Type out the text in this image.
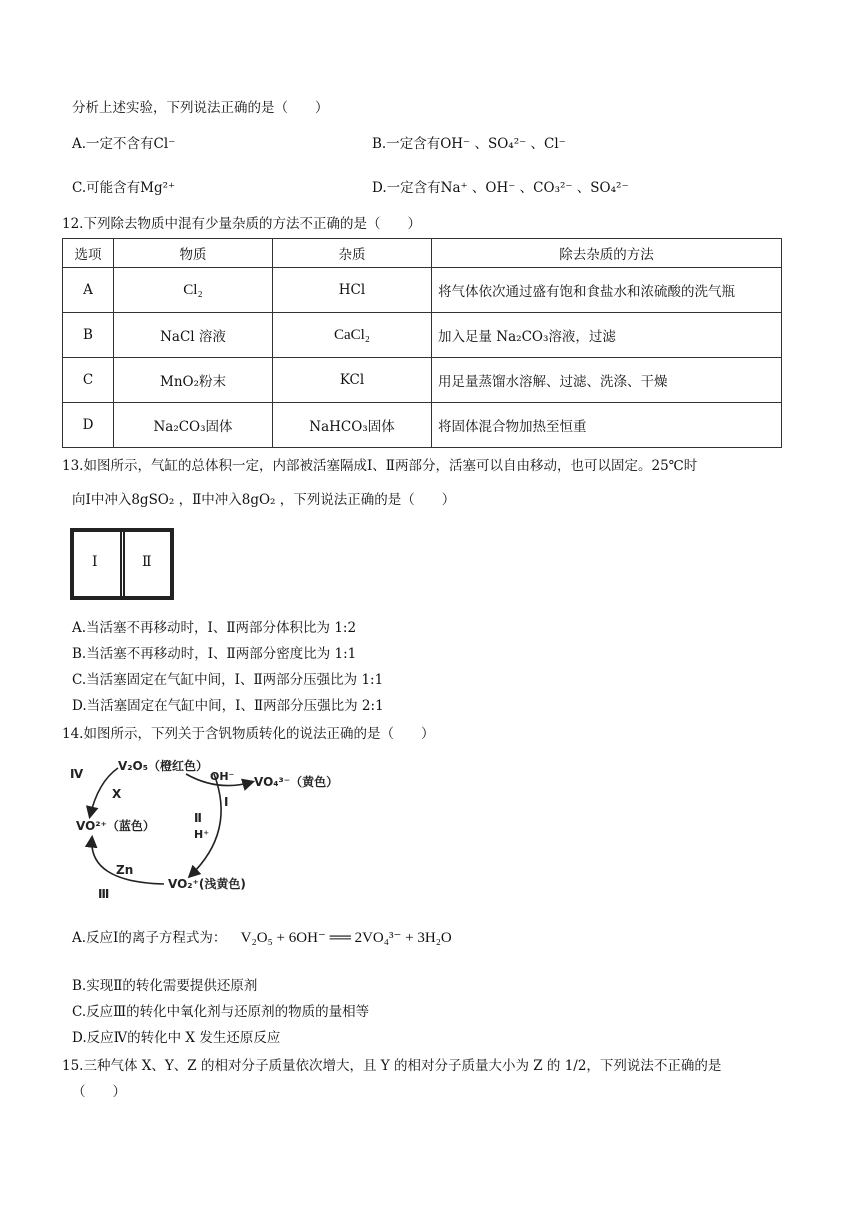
分析上述实验，下列说法正确的是（　　）
A.一定不含有Cl⁻	B.一定含有OH⁻ 、SO₄²⁻ 、Cl⁻
C.可能含有Mg²⁺	D.一定含有Na⁺ 、OH⁻ 、CO₃²⁻ 、SO₄²⁻
12.下列除去物质中混有少量杂质的方法不正确的是（　　）
选项	物质	杂质	除去杂质的方法
A	Cl₂	HCl	将气体依次通过盛有饱和食盐水和浓硫酸的洗气瓶
B	NaCl 溶液	CaCl₂	加入足量 Na₂CO₃溶液，过滤
C	MnO₂粉末	KCl	用足量蒸馏水溶解、过滤、洗涤、干燥
D	Na₂CO₃固体	NaHCO₃固体	将固体混合物加热至恒重
13.如图所示，气缸的总体积一定，内部被活塞隔成Ⅰ、Ⅱ两部分，活塞可以自由移动，也可以固定。25℃时
向Ⅰ中冲入8gSO₂ ，Ⅱ中冲入8gO₂ ，下列说法正确的是（　　）
Ⅰ	Ⅱ
A.当活塞不再移动时，Ⅰ、Ⅱ两部分体积比为 1:2
B.当活塞不再移动时，Ⅰ、Ⅱ两部分密度比为 1:1
C.当活塞固定在气缸中间，Ⅰ、Ⅱ两部分压强比为 1:1
D.当活塞固定在气缸中间，Ⅰ、Ⅱ两部分压强比为 2:1
14.如图所示，下列关于含钒物质转化的说法正确的是（　　）
V₂O₅（橙红色）
VO₄³⁻（黄色）
VO²⁺（蓝色）
VO₂⁺(浅黄色)
OH⁻
Ⅰ
Ⅱ
H⁺
Zn
Ⅲ
Ⅳ
X
A.反应Ⅰ的离子方程式为： V₂O₅ + 6OH⁻ ══ 2VO₄³⁻ + 3H₂O
B.实现Ⅱ的转化需要提供还原剂
C.反应Ⅲ的转化中氧化剂与还原剂的物质的量相等
D.反应Ⅳ的转化中 X 发生还原反应
15.三种气体 X、Y、Z 的相对分子质量依次增大，且 Y 的相对分子质量大小为 Z 的 1/2，下列说法不正确的是
（　　）
